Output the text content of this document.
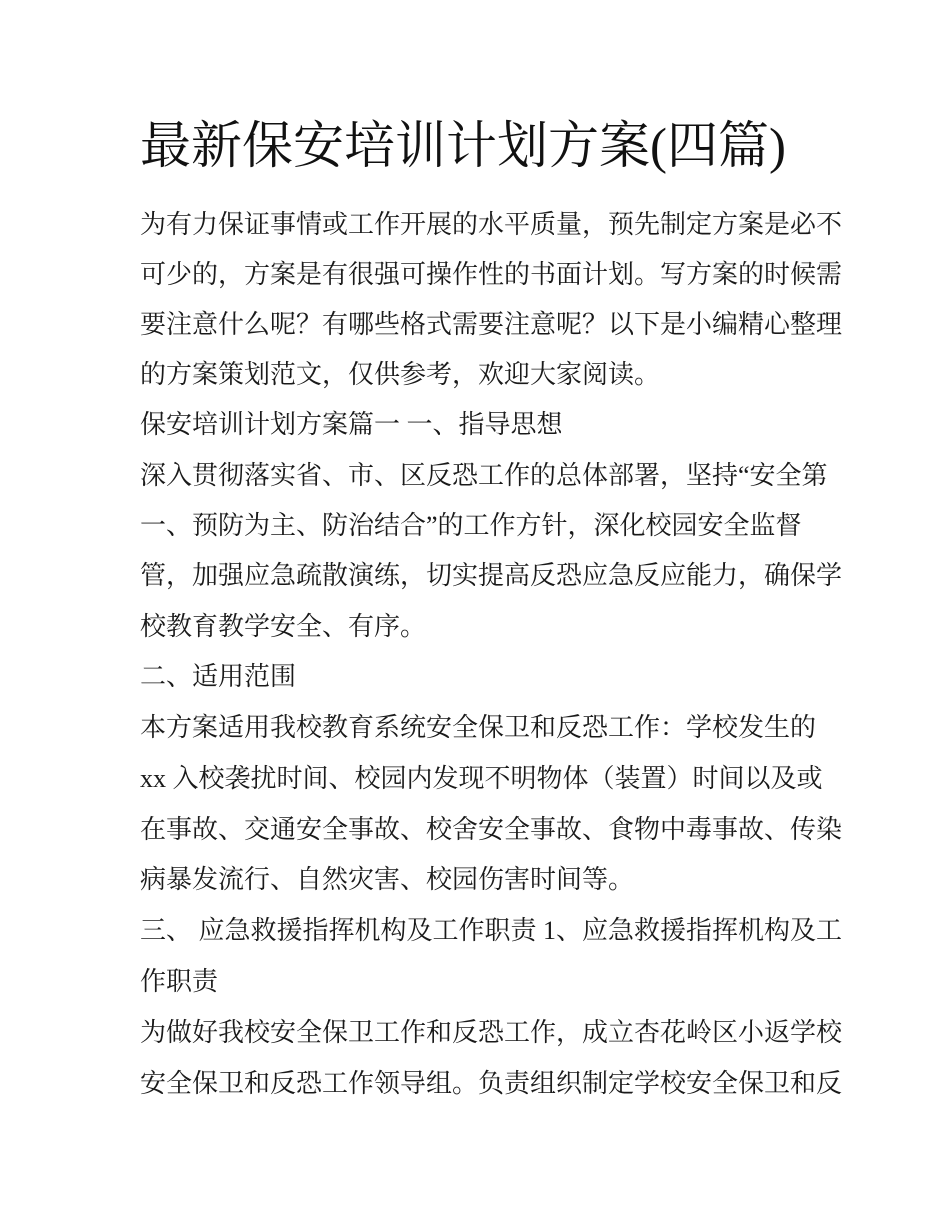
最新保安培训计划方案(四篇)

为有力保证事情或工作开展的水平质量，预先制定方案是必不

可少的，方案是有很强可操作性的书面计划。写方案的时候需

要注意什么呢？有哪些格式需要注意呢？以下是小编精心整理

的方案策划范文，仅供参考，欢迎大家阅读。

保安培训计划方案篇一 一、指导思想

深入贯彻落实省、市、区反恐工作的总体部署，坚持“安全第

一、预防为主、防治结合”的工作方针，深化校园安全监督

管，加强应急疏散演练，切实提高反恐应急反应能力，确保学

校教育教学安全、有序。

二、适用范围

本方案适用我校教育系统安全保卫和反恐工作：学校发生的

xx 入校袭扰时间、校园内发现不明物体（装置）时间以及或

在事故、交通安全事故、校舍安全事故、食物中毒事故、传染

病暴发流行、自然灾害、校园伤害时间等。

三、 应急救援指挥机构及工作职责 1、应急救援指挥机构及工

作职责

为做好我校安全保卫工作和反恐工作，成立杏花岭区小返学校

安全保卫和反恐工作领导组。负责组织制定学校安全保卫和反
